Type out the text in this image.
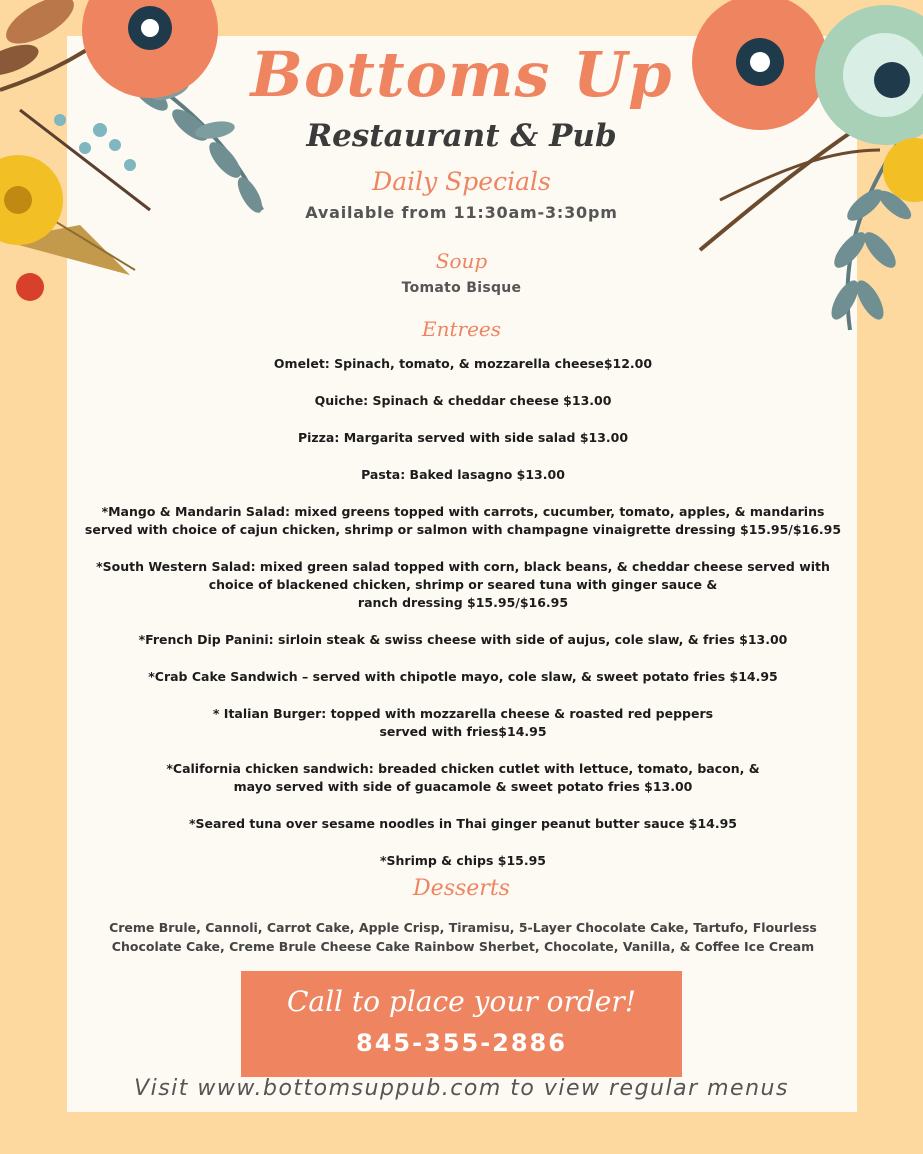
Bottoms Up
Restaurant & Pub
Daily Specials
Available from 11:30am-3:30pm
Soup
Tomato Bisque
Entrees
Omelet: Spinach, tomato, & mozzarella cheese$12.00
Quiche: Spinach & cheddar cheese $13.00
Pizza: Margarita served with side salad $13.00
Pasta: Baked lasagno $13.00
*Mango & Mandarin Salad: mixed greens topped with carrots, cucumber, tomato, apples, & mandarins
served with choice of cajun chicken, shrimp or salmon with champagne vinaigrette dressing $15.95/$16.95
*South Western Salad: mixed green salad topped with corn, black beans, & cheddar cheese served with
choice of blackened chicken, shrimp or seared tuna with ginger sauce &
ranch dressing $15.95/$16.95
*French Dip Panini: sirloin steak & swiss cheese with side of aujus, cole slaw, & fries $13.00
*Crab Cake Sandwich – served with chipotle mayo, cole slaw, & sweet potato fries $14.95
* Italian Burger: topped with mozzarella cheese & roasted red peppers
served with fries$14.95
*California chicken sandwich: breaded chicken cutlet with lettuce, tomato, bacon, &
mayo served with side of guacamole & sweet potato fries $13.00
*Seared tuna over sesame noodles in Thai ginger peanut butter sauce $14.95
*Shrimp & chips $15.95
Desserts
Creme Brule, Cannoli, Carrot Cake, Apple Crisp, Tiramisu, 5-Layer Chocolate Cake, Tartufo, Flourless Chocolate Cake, Creme Brule Cheese Cake Rainbow Sherbet, Chocolate, Vanilla, & Coffee Ice Cream
Call to place your order!
845-355-2886
Visit www.bottomsuppub.com to view regular menus
